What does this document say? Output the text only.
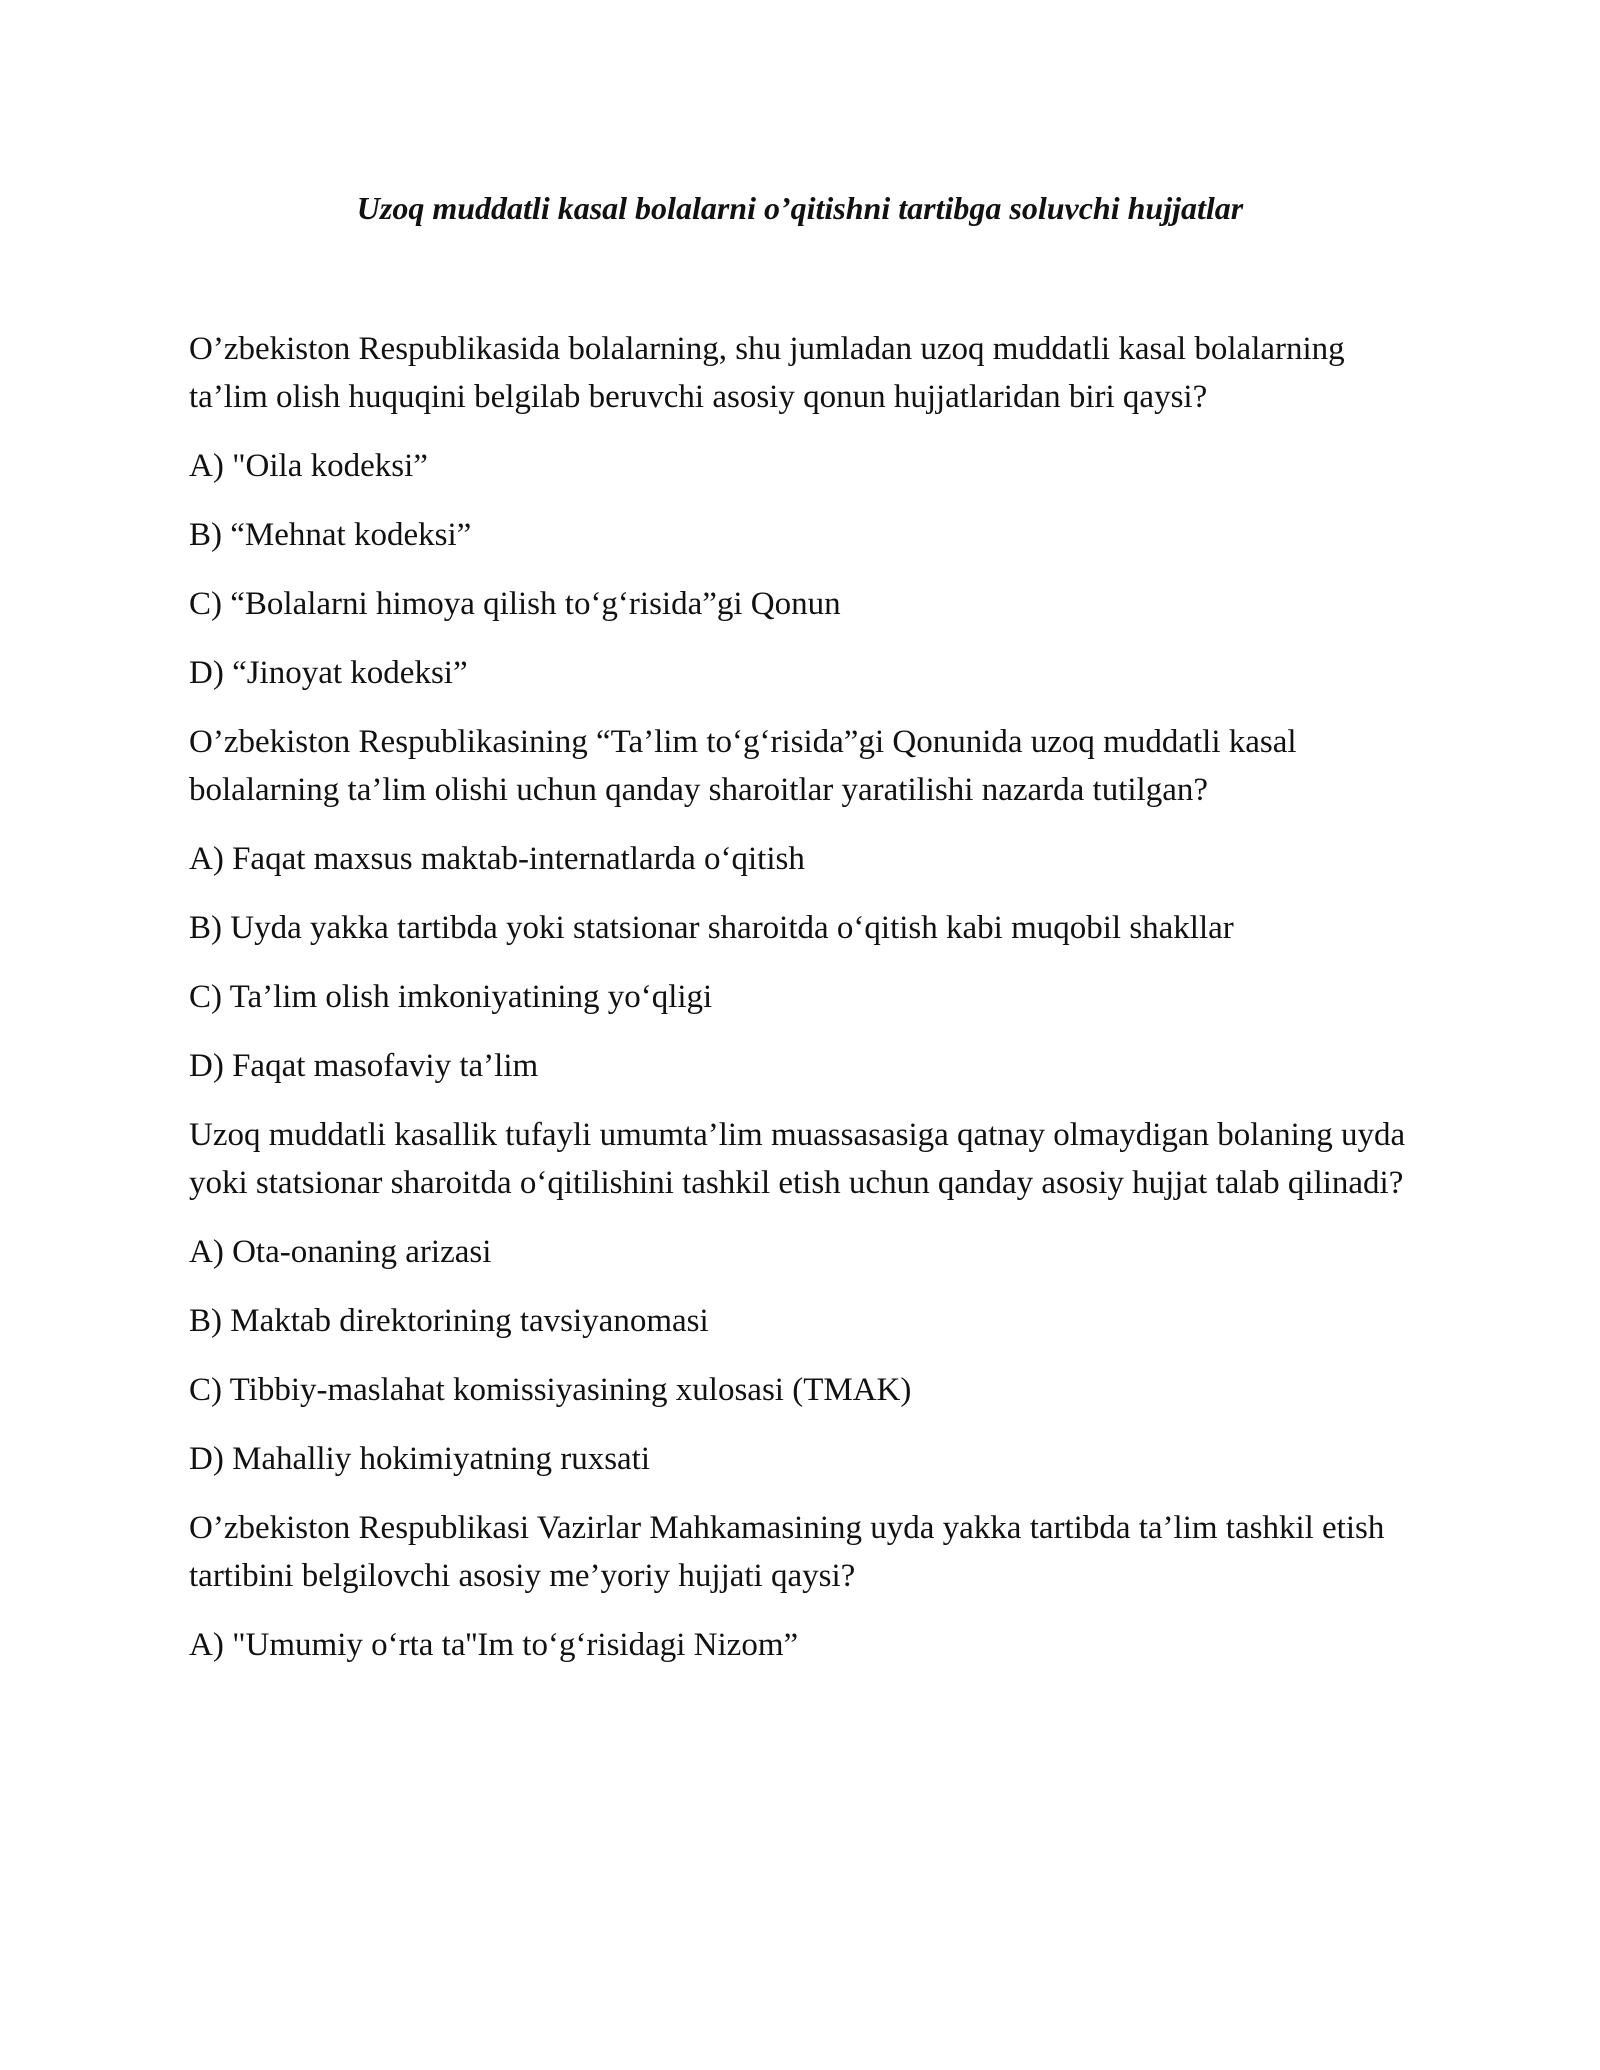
Uzoq muddatli kasal bolalarni o’qitishni tartibga soluvchi hujjatlar

O’zbekiston Respublikasida bolalarning, shu jumladan uzoq muddatli kasal bolalarning ta’lim olish huquqini belgilab beruvchi asosiy qonun hujjatlaridan biri qaysi?

A) "Oila kodeksi”
B) “Mehnat kodeksi”
C) “Bolalarni himoya qilish to‘g‘risida”gi Qonun
D) “Jinoyat kodeksi”

O’zbekiston Respublikasining “Ta’lim to‘g‘risida”gi Qonunida uzoq muddatli kasal bolalarning ta’lim olishi uchun qanday sharoitlar yaratilishi nazarda tutilgan?

A) Faqat maxsus maktab-internatlarda o‘qitish
B) Uyda yakka tartibda yoki statsionar sharoitda o‘qitish kabi muqobil shakllar
C) Ta’lim olish imkoniyatining yo‘qligi
D) Faqat masofaviy ta’lim

Uzoq muddatli kasallik tufayli umumta’lim muassasasiga qatnay olmaydigan bolaning uyda yoki statsionar sharoitda o‘qitilishini tashkil etish uchun qanday asosiy hujjat talab qilinadi?

A) Ota-onaning arizasi
B) Maktab direktorining tavsiyanomasi
C) Tibbiy-maslahat komissiyasining xulosasi (TMAK)
D) Mahalliy hokimiyatning ruxsati

O’zbekiston Respublikasi Vazirlar Mahkamasining uyda yakka tartibda ta’lim tashkil etish tartibini belgilovchi asosiy me’yoriy hujjati qaysi?

A) "Umumiy o‘rta ta''Im to‘g‘risidagi Nizom”
